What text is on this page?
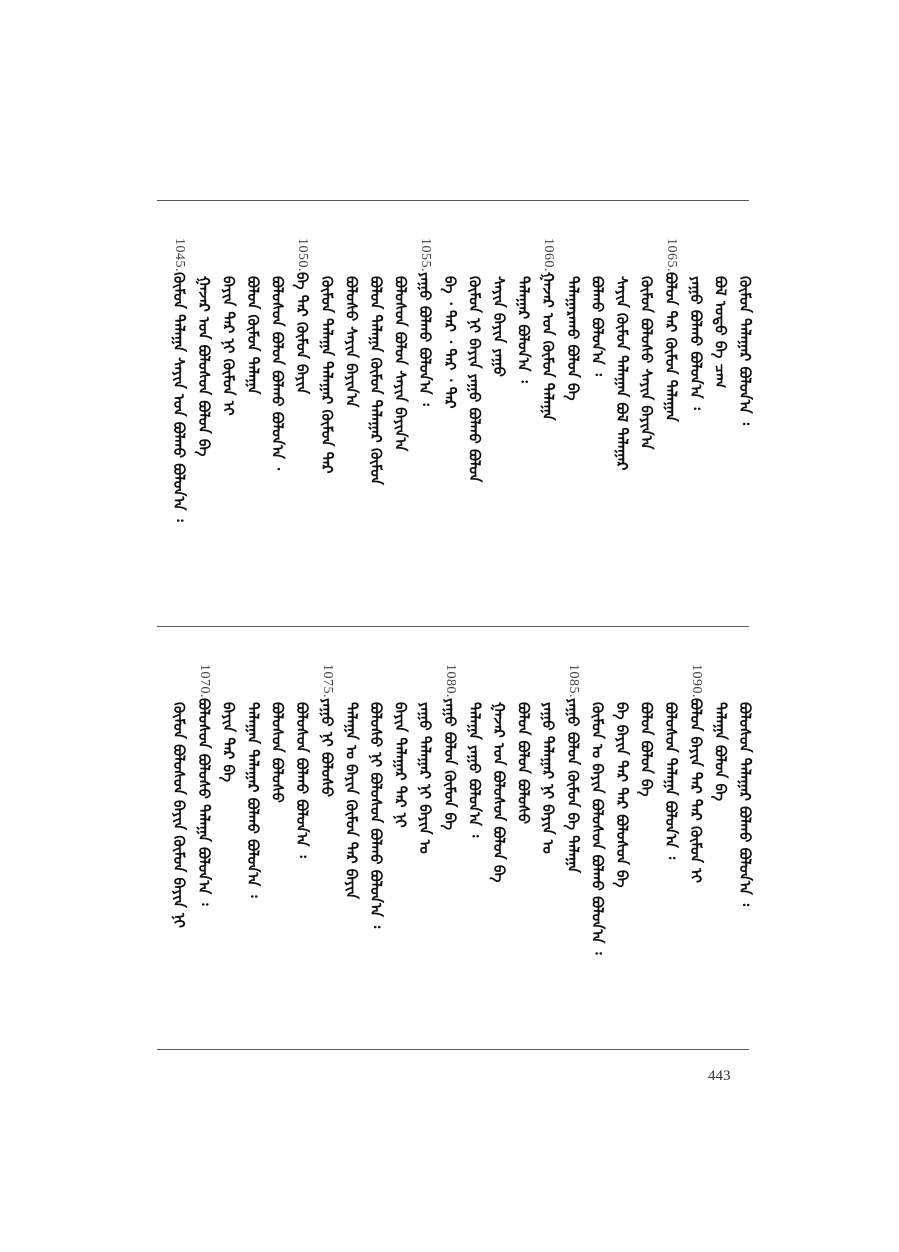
ᠬᠦᠮᠦᠨ ᠲᠠᠯᠠᠭᠠᠷ ᠪᠣᠯᠤᠨ᠎ᠠ ᠄
ᠪᠣᠯ ᠣᠳᠣ ᠪᠠ ᠴᠠᠭ
ᠶᠠᠭᠤ ᠪᠣᠯᠬᠤ ᠪᠣᠯᠤᠨ᠎ᠠ ᠄
1065.
ᠪᠣᠯᠤᠨ ᠲᠠᠷ ᠬᠦᠮᠦᠨ ᠲᠠᠯᠠᠭᠠᠨ
ᠬᠦᠮᠦᠨ ᠪᠣᠯᠣᠰᠤ ᠰᠠᠶᠢᠨ ᠪᠠᠶᠢᠨ᠎ᠠ
ᠰᠠᠶᠢᠨ ᠬᠦᠮᠦᠨ ᠲᠠᠯᠠᠭᠠᠨ ᠪᠣᠯ ᠲᠠᠯᠠᠭᠠᠷ
ᠪᠣᠯᠬᠤ ᠪᠣᠯᠤᠨ᠎ᠠ ᠄
ᠲᠠᠯᠠᠭᠠᠷᠠᠬᠤ ᠪᠣᠯᠤᠨ ᠪᠠ
1060.
ᠭᠠᠵᠠᠷ ᠤᠨ ᠬᠦᠮᠦᠨ ᠲᠠᠯᠠᠭᠠ
ᠲᠠᠯᠠᠭᠠᠷ ᠪᠣᠯᠤᠨ᠎ᠠ ᠄
ᠰᠠᠶᠢᠨ ᠪᠠᠶᠢᠨ ᠶᠠᠭᠤ
ᠬᠦᠮᠦᠨ ᠨᠢ ᠪᠠᠶᠢᠨ ᠶᠠᠭᠤ ᠪᠣᠯᠬᠤ ᠪᠣᠯᠤᠨ
ᠪᠠ ᠂ ᠲᠠᠷ ᠂ ᠲᠠᠷ ᠂ ᠲᠠᠷ
1055.
ᠶᠠᠭᠤ ᠪᠣᠯᠬᠤ ᠪᠣᠯᠤᠨ᠎ᠠ ᠄
ᠪᠣᠯᠣᠰᠤᠨ ᠪᠣᠯᠤᠨ ᠰᠠᠶᠢᠨ ᠪᠠᠶᠢᠨ᠎ᠠ
ᠪᠣᠯᠤᠨ ᠲᠠᠯᠠᠭᠠ ᠬᠦᠮᠦᠨ ᠲᠠᠯᠠᠭᠠᠷ ᠬᠦᠮᠦᠨ
ᠪᠣᠯᠣᠰᠤ ᠰᠠᠶᠢᠨ ᠪᠠᠶᠢᠨ᠎ᠠ
ᠬᠦᠮᠦᠨ ᠲᠠᠯᠠᠭᠠ ᠲᠠᠯᠠᠭᠠᠷ ᠬᠦᠮᠦᠨ ᠲᠠᠷ
1050.
ᠪᠠ ᠲᠠᠷ ᠬᠦᠮᠦᠨ ᠪᠠᠶᠢᠨ
ᠪᠣᠯᠣᠰᠤᠨ ᠪᠣᠯᠤᠨ ᠪᠣᠯᠬᠤ ᠪᠣᠯᠤᠨ᠎ᠠ ᠂
ᠪᠣᠯᠤᠨ ᠬᠦᠮᠦᠨ ᠲᠠᠯᠠᠭᠠ
ᠪᠠᠶᠢᠨ ᠲᠠᠷ ᠨᠢ ᠬᠦᠮᠦᠨ ᠢ
ᠭᠠᠵᠠᠷ ᠤᠨ ᠪᠣᠯᠣᠰᠤᠨ ᠪᠣᠯᠤᠨ ᠪᠠ
1045.
ᠬᠦᠮᠦᠨ ᠲᠠᠯᠠᠭᠠ ᠰᠠᠶᠢᠨ ᠤᠨ ᠪᠣᠯᠬᠤ ᠪᠣᠯᠤᠨ᠎ᠠ ᠄
ᠪᠣᠯᠣᠰᠤᠨ ᠲᠠᠯᠠᠭᠠᠷ ᠪᠣᠯᠬᠤ ᠪᠣᠯᠤᠨ᠎ᠠ ᠄
ᠲᠠᠯᠠᠭᠠ ᠪᠣᠯᠤᠨ ᠪᠠ
1090.
ᠪᠣᠯᠤᠨ ᠪᠠᠶᠢᠨ ᠲᠠᠷ ᠲᠠᠷ ᠬᠦᠮᠦᠨ ᠢ
ᠪᠣᠯᠣᠰᠤᠨ ᠲᠠᠯᠠᠭᠠ ᠪᠣᠯᠤᠨ᠎ᠠ ᠄
ᠪᠣᠯᠤᠨ ᠪᠣᠯᠤᠨ ᠪᠠ
ᠪᠠ ᠪᠠᠶᠢᠨ ᠲᠠᠷ ᠲᠠᠷ ᠪᠣᠯᠣᠰᠤᠨ ᠪᠠ
ᠬᠦᠮᠦᠨ ᠤ ᠪᠠᠶᠢᠨ ᠪᠣᠯᠣᠰᠤᠨ ᠪᠣᠯᠬᠤ ᠪᠣᠯᠤᠨ᠎ᠠ ᠄
1085.
ᠶᠠᠭᠤ ᠪᠣᠯᠤᠨ ᠬᠦᠮᠦᠨ ᠪᠠ ᠲᠠᠯᠠᠭᠠ
ᠶᠠᠭᠤ ᠲᠠᠯᠠᠭᠠᠷ ᠨᠢ ᠪᠠᠶᠢᠨ ᠤ
ᠪᠣᠯᠤᠨ ᠪᠣᠯᠤᠨ ᠪᠣᠯᠣᠰᠤ
ᠭᠠᠵᠠᠷ ᠤᠨ ᠪᠣᠯᠣᠰᠤᠨ ᠪᠣᠯᠤᠨ ᠪᠠ
ᠲᠠᠯᠠᠭᠠ ᠶᠠᠭᠤ ᠪᠣᠯᠤᠨ᠎ᠠ ᠄
1080.
ᠶᠠᠭᠤ ᠪᠣᠯᠤᠨ ᠬᠦᠮᠦᠨ ᠪᠠ
ᠶᠠᠭᠤ ᠲᠠᠯᠠᠭᠠᠷ ᠨᠢ ᠪᠠᠶᠢᠨ ᠤ
ᠪᠠᠶᠢᠨ ᠲᠠᠯᠠᠭᠠᠷ ᠲᠠᠷ ᠨᠢ
ᠪᠣᠯᠣᠰᠤ ᠨᠢ ᠪᠣᠯᠣᠰᠤᠨ ᠪᠣᠯᠬᠤ ᠪᠣᠯᠤᠨ᠎ᠠ ᠄
ᠲᠠᠯᠠᠭᠠ ᠤ ᠪᠠᠶᠢᠨ ᠬᠦᠮᠦᠨ ᠲᠠᠷ ᠪᠠᠶᠢᠨ
1075.
ᠶᠠᠭᠤ ᠨᠢ ᠪᠣᠯᠣᠰᠤ
ᠪᠣᠯᠣᠰᠤᠨ ᠪᠣᠯᠬᠤ ᠪᠣᠯᠤᠨ᠎ᠠ ᠄
ᠪᠣᠯᠣᠰᠤᠨ ᠪᠣᠯᠣᠰᠤ
ᠲᠠᠯᠠᠭᠠᠨ ᠲᠠᠯᠠᠭᠠᠷ ᠪᠣᠯᠬᠤ ᠪᠣᠯᠤᠨ᠎ᠠ ᠄
ᠪᠠᠶᠢᠨ ᠲᠠᠷ ᠪᠠ
1070.
ᠪᠣᠯᠣᠰᠤᠨ ᠪᠣᠯᠣᠰᠤ ᠲᠠᠯᠠᠭᠠ ᠪᠣᠯᠤᠨ᠎ᠠ ᠄
ᠬᠦᠮᠦᠨ ᠪᠣᠯᠣᠰᠤᠨ ᠪᠠᠶᠢᠨ ᠬᠦᠮᠦᠨ ᠪᠠᠶᠢᠨ ᠨᠢ
443
